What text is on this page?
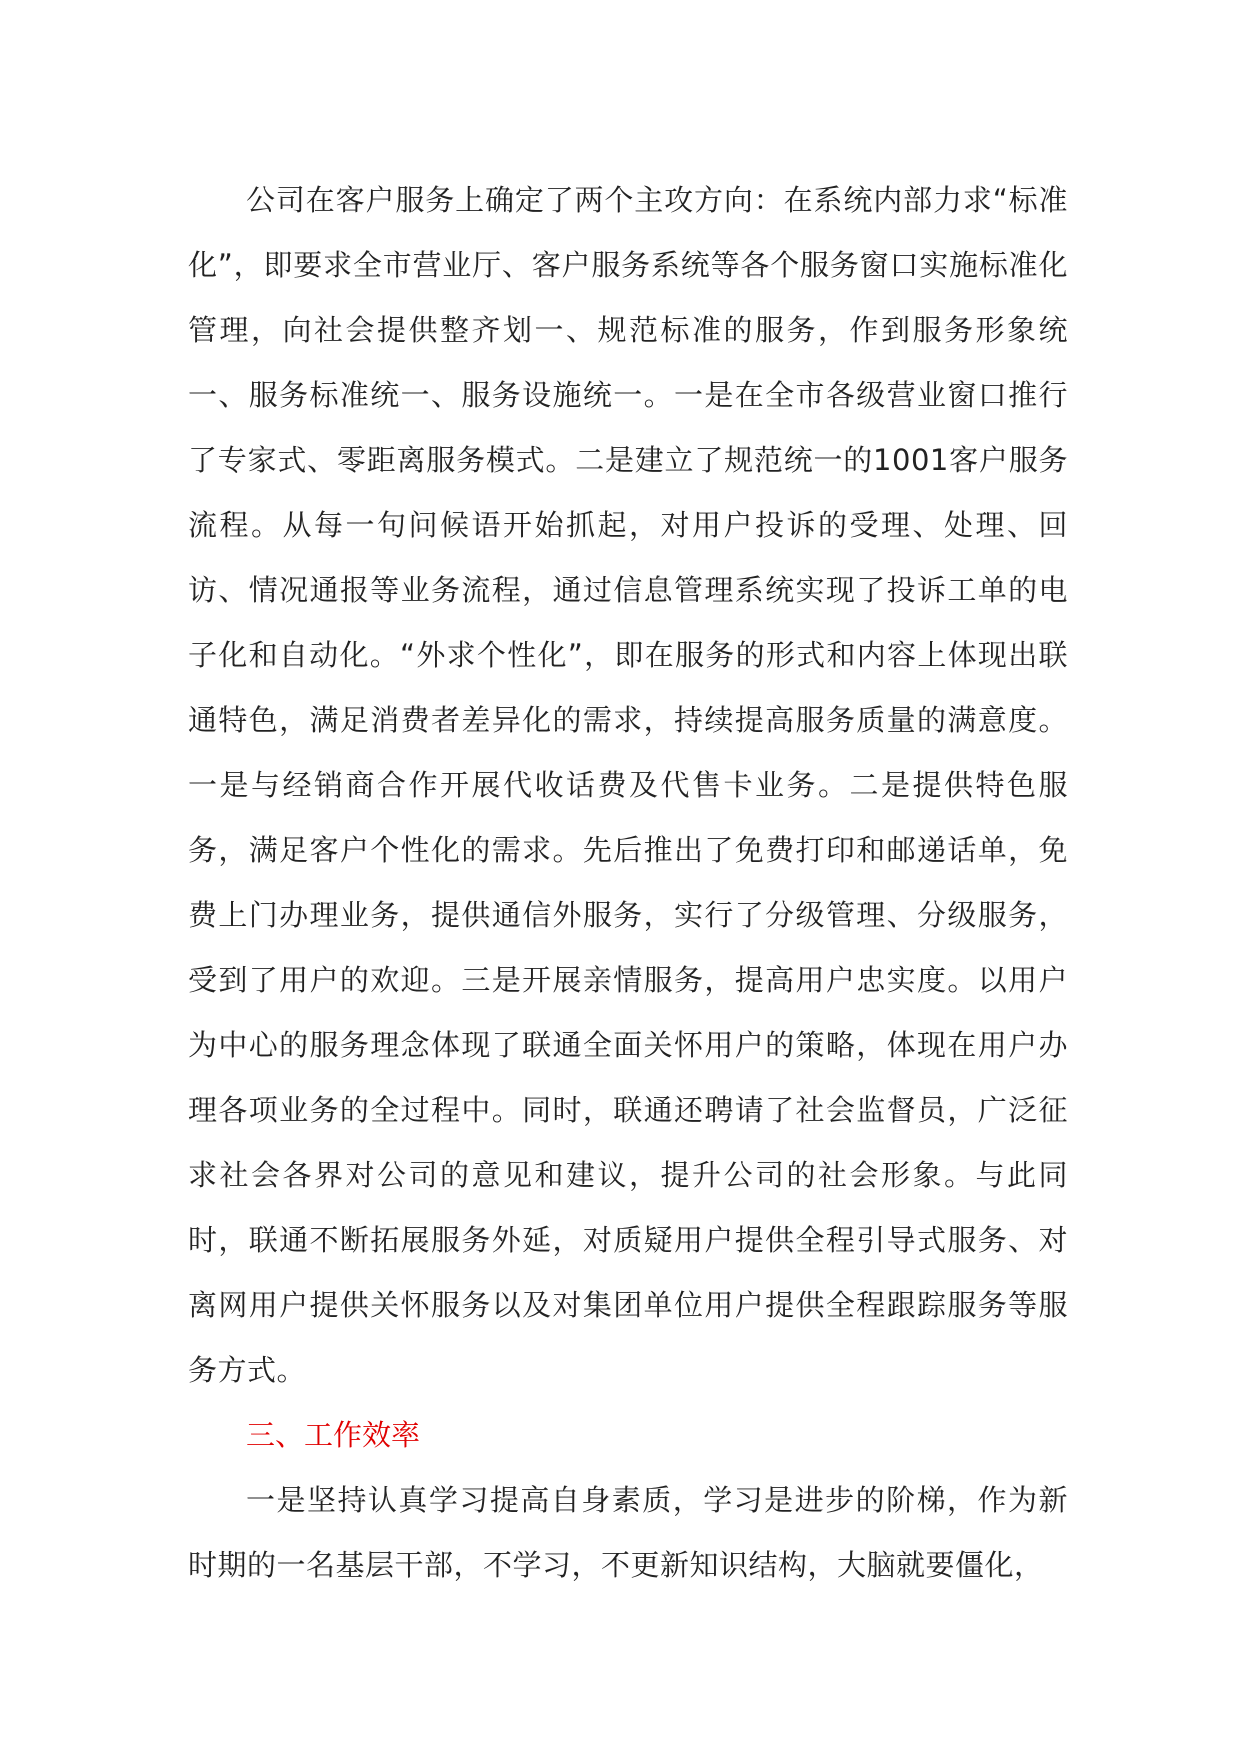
公司在客户服务上确定了两个主攻方向：在系统内部力求“标准化”，即要求全市营业厅、客户服务系统等各个服务窗口实施标准化管理，向社会提供整齐划一、规范标准的服务，作到服务形象统一、服务标准统一、服务设施统一。一是在全市各级营业窗口推行了专家式、零距离服务模式。二是建立了规范统一的1001客户服务流程。从每一句问候语开始抓起，对用户投诉的受理、处理、回访、情况通报等业务流程，通过信息管理系统实现了投诉工单的电子化和自动化。“外求个性化”，即在服务的形式和内容上体现出联通特色，满足消费者差异化的需求，持续提高服务质量的满意度。一是与经销商合作开展代收话费及代售卡业务。二是提供特色服务，满足客户个性化的需求。先后推出了免费打印和邮递话单，免费上门办理业务，提供通信外服务，实行了分级管理、分级服务，受到了用户的欢迎。三是开展亲情服务，提高用户忠实度。以用户为中心的服务理念体现了联通全面关怀用户的策略，体现在用户办理各项业务的全过程中。同时，联通还聘请了社会监督员，广泛征求社会各界对公司的意见和建议，提升公司的社会形象。与此同时，联通不断拓展服务外延，对质疑用户提供全程引导式服务、对离网用户提供关怀服务以及对集团单位用户提供全程跟踪服务等服务方式。

三、工作效率

一是坚持认真学习提高自身素质，学习是进步的阶梯，作为新时期的一名基层干部，不学习，不更新知识结构，大脑就要僵化，
